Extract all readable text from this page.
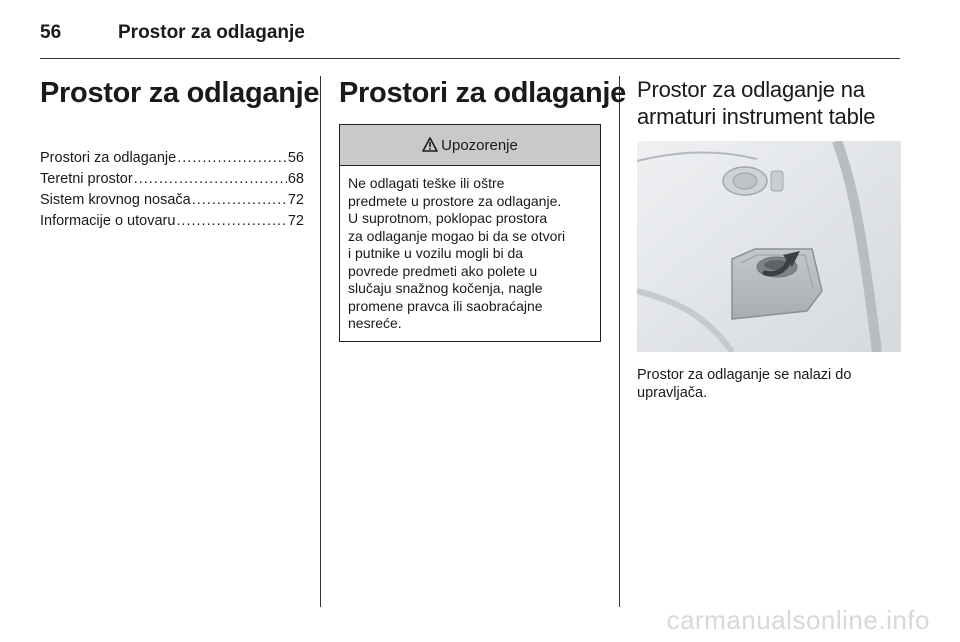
56	Prostor za odlaganje
Prostor za odlaganje
Prostori za odlaganje .....	56
Teretni prostor .....	68
Sistem krovnog nosača .....	72
Informacije o utovaru .....	72
Prostori za odlaganje
Upozorenje

Ne odlagati teške ili oštre

predmete u prostore za odlaganje.

U suprotnom, poklopac prostora

za odlaganje mogao bi da se otvori

i putnike u vozilu mogli bi da

povrede predmeti ako polete u

slučaju snažnog kočenja, nagle

promene pravca ili saobraćajne

nesreće.

Prostor za odlaganje na
armaturi instrument table

Prostor za odlaganje se nalazi do

upravljača.

carmanualsonline.info
